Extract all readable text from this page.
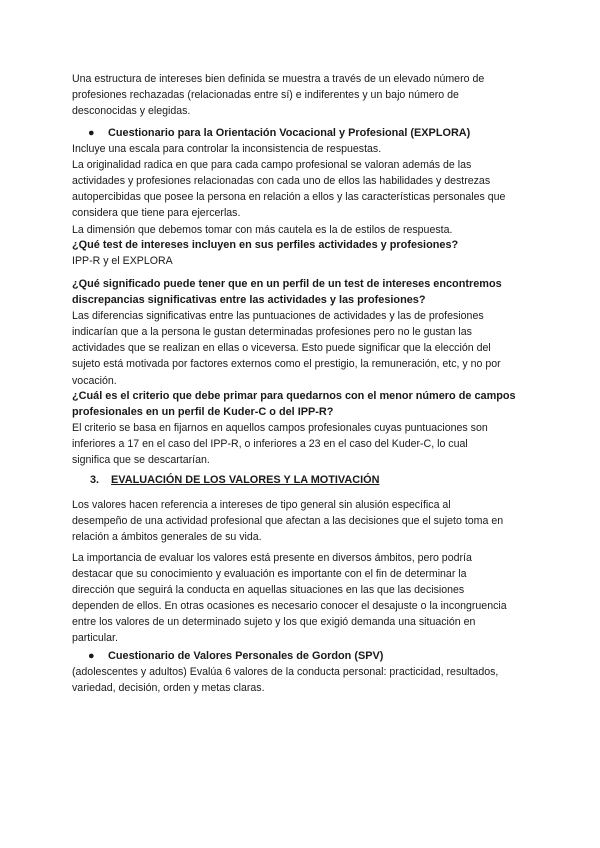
Una estructura de intereses bien definida se muestra a través de un elevado número de

profesiones rechazadas (relacionadas entre sí) e indiferentes y un bajo número de

desconocidas y elegidas.

● Cuestionario para la Orientación Vocacional y Profesional (EXPLORA)

Incluye una escala para controlar la inconsistencia de respuestas.

La originalidad radica en que para cada campo profesional se valoran además de las

actividades y profesiones relacionadas con cada uno de ellos las habilidades y destrezas

autopercibidas que posee la persona en relación a ellos y las características personales que

considera que tiene para ejercerlas.

La dimensión que debemos tomar con más cautela es la de estilos de respuesta.

¿Qué test de intereses incluyen en sus perfiles actividades y profesiones?

IPP-R y el EXPLORA

¿Qué significado puede tener que en un perfil de un test de intereses encontremos

discrepancias significativas entre las actividades y las profesiones?

Las diferencias significativas entre las puntuaciones de actividades y las de profesiones

indicarían que a la persona le gustan determinadas profesiones pero no le gustan las

actividades que se realizan en ellas o viceversa. Esto puede significar que la elección del

sujeto está motivada por factores externos como el prestigio, la remuneración, etc, y no por

vocación.

¿Cuál es el criterio que debe primar para quedarnos con el menor número de campos

profesionales en un perfil de Kuder-C o del IPP-R?

El criterio se basa en fijarnos en aquellos campos profesionales cuyas puntuaciones son

inferiores a 17 en el caso del IPP-R, o inferiores a 23 en el caso del Kuder-C, lo cual

significa que se descartarían.

3. EVALUACIÓN DE LOS VALORES Y LA MOTIVACIÓN

Los valores hacen referencia a intereses de tipo general sin alusión específica al

desempeño de una actividad profesional que afectan a las decisiones que el sujeto toma en

relación a ámbitos generales de su vida.

La importancia de evaluar los valores está presente en diversos ámbitos, pero podría

destacar que su conocimiento y evaluación es importante con el fin de determinar la

dirección que seguirá la conducta en aquellas situaciones en las que las decisiones

dependen de ellos. En otras ocasiones es necesario conocer el desajuste o la incongruencia

entre los valores de un determinado sujeto y los que exigió demanda una situación en

particular.

● Cuestionario de Valores Personales de Gordon (SPV)

(adolescentes y adultos) Evalúa 6 valores de la conducta personal: practicidad, resultados,

variedad, decisión, orden y metas claras.
